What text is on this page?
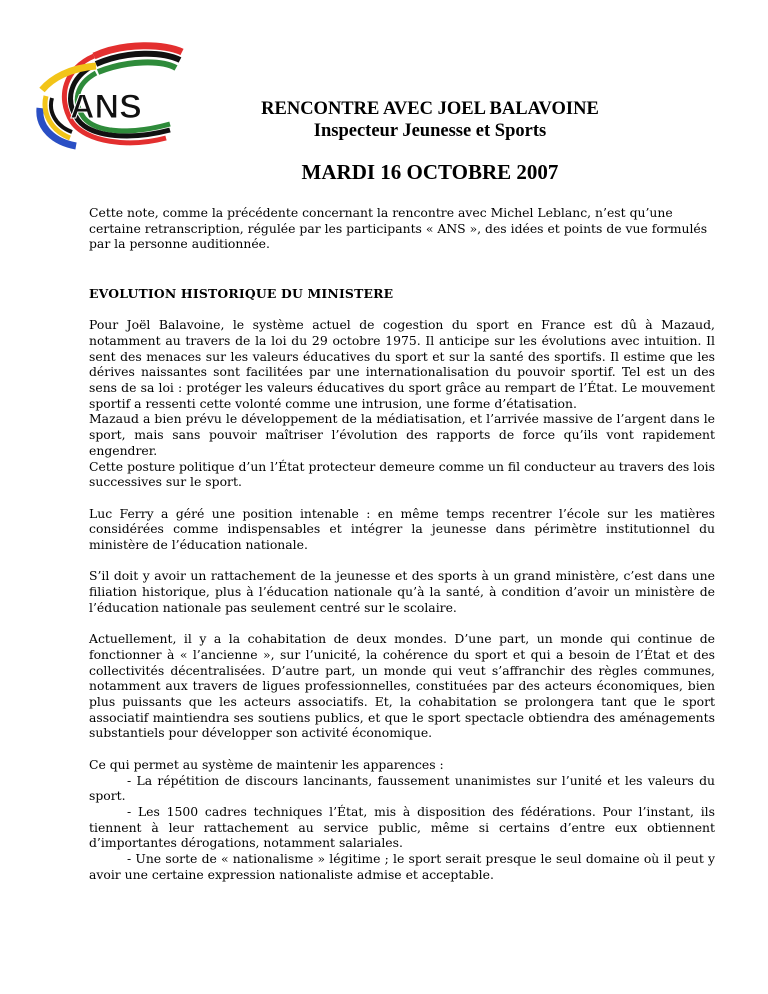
ANS	RENCONTRE AVEC JOEL BALAVOINE
Inspecteur Jeunesse et Sports
MARDI 16 OCTOBRE 2007

Cette note, comme la précédente concernant la rencontre avec Michel Leblanc, n’est qu’une certaine retranscription, régulée par les participants « ANS », des idées et points de vue formulés par la personne auditionnée.

EVOLUTION HISTORIQUE DU MINISTERE

Pour Joël Balavoine, le système actuel de cogestion du sport en France est dû à Mazaud, notamment au travers de la loi du 29 octobre 1975. Il anticipe sur les évolutions avec intuition. Il sent des menaces sur les valeurs éducatives du sport et sur la santé des sportifs. Il estime que les dérives naissantes sont facilitées par une internationalisation du pouvoir sportif. Tel est un des sens de sa loi : protéger les valeurs éducatives du sport grâce au rempart de l’État. Le mouvement sportif a ressenti cette volonté comme une intrusion, une forme d’étatisation.
Mazaud a bien prévu le développement de la médiatisation, et l’arrivée massive de l’argent dans le sport, mais sans pouvoir maîtriser l’évolution des rapports de force qu’ils vont rapidement engendrer.
Cette posture politique d’un l’État protecteur demeure comme un fil conducteur au travers des lois successives sur le sport.

Luc Ferry a géré une position intenable : en même temps recentrer l’école sur les matières considérées comme indispensables et intégrer la jeunesse dans périmètre institutionnel du ministère de l’éducation nationale.

S’il doit y avoir un rattachement de la jeunesse et des sports à un grand ministère, c’est dans une filiation historique, plus à l’éducation nationale qu’à la santé, à condition d’avoir un ministère de l’éducation nationale pas seulement centré sur le scolaire.

Actuellement, il y a la cohabitation de deux mondes. D’une part, un monde qui continue de fonctionner à « l’ancienne », sur l’unicité, la cohérence du sport et qui a besoin de l’État et des collectivités décentralisées. D’autre part, un monde qui veut s’affranchir des règles communes, notamment aux travers de ligues professionnelles, constituées par des acteurs économiques, bien plus puissants que les acteurs associatifs. Et, la cohabitation se prolongera tant que le sport associatif maintiendra ses soutiens publics, et que le sport spectacle obtiendra des aménagements substantiels pour développer son activité économique.

Ce qui permet au système de maintenir les apparences :
- La répétition de discours lancinants, faussement unanimistes sur l’unité et les valeurs du sport.
- Les 1500 cadres techniques l’État, mis à disposition des fédérations. Pour l’instant, ils tiennent à leur rattachement au service public, même si certains d’entre eux obtiennent d’importantes dérogations, notamment salariales.
- Une sorte de « nationalisme » légitime ; le sport serait presque le seul domaine où il peut y avoir une certaine expression nationaliste admise et acceptable.
